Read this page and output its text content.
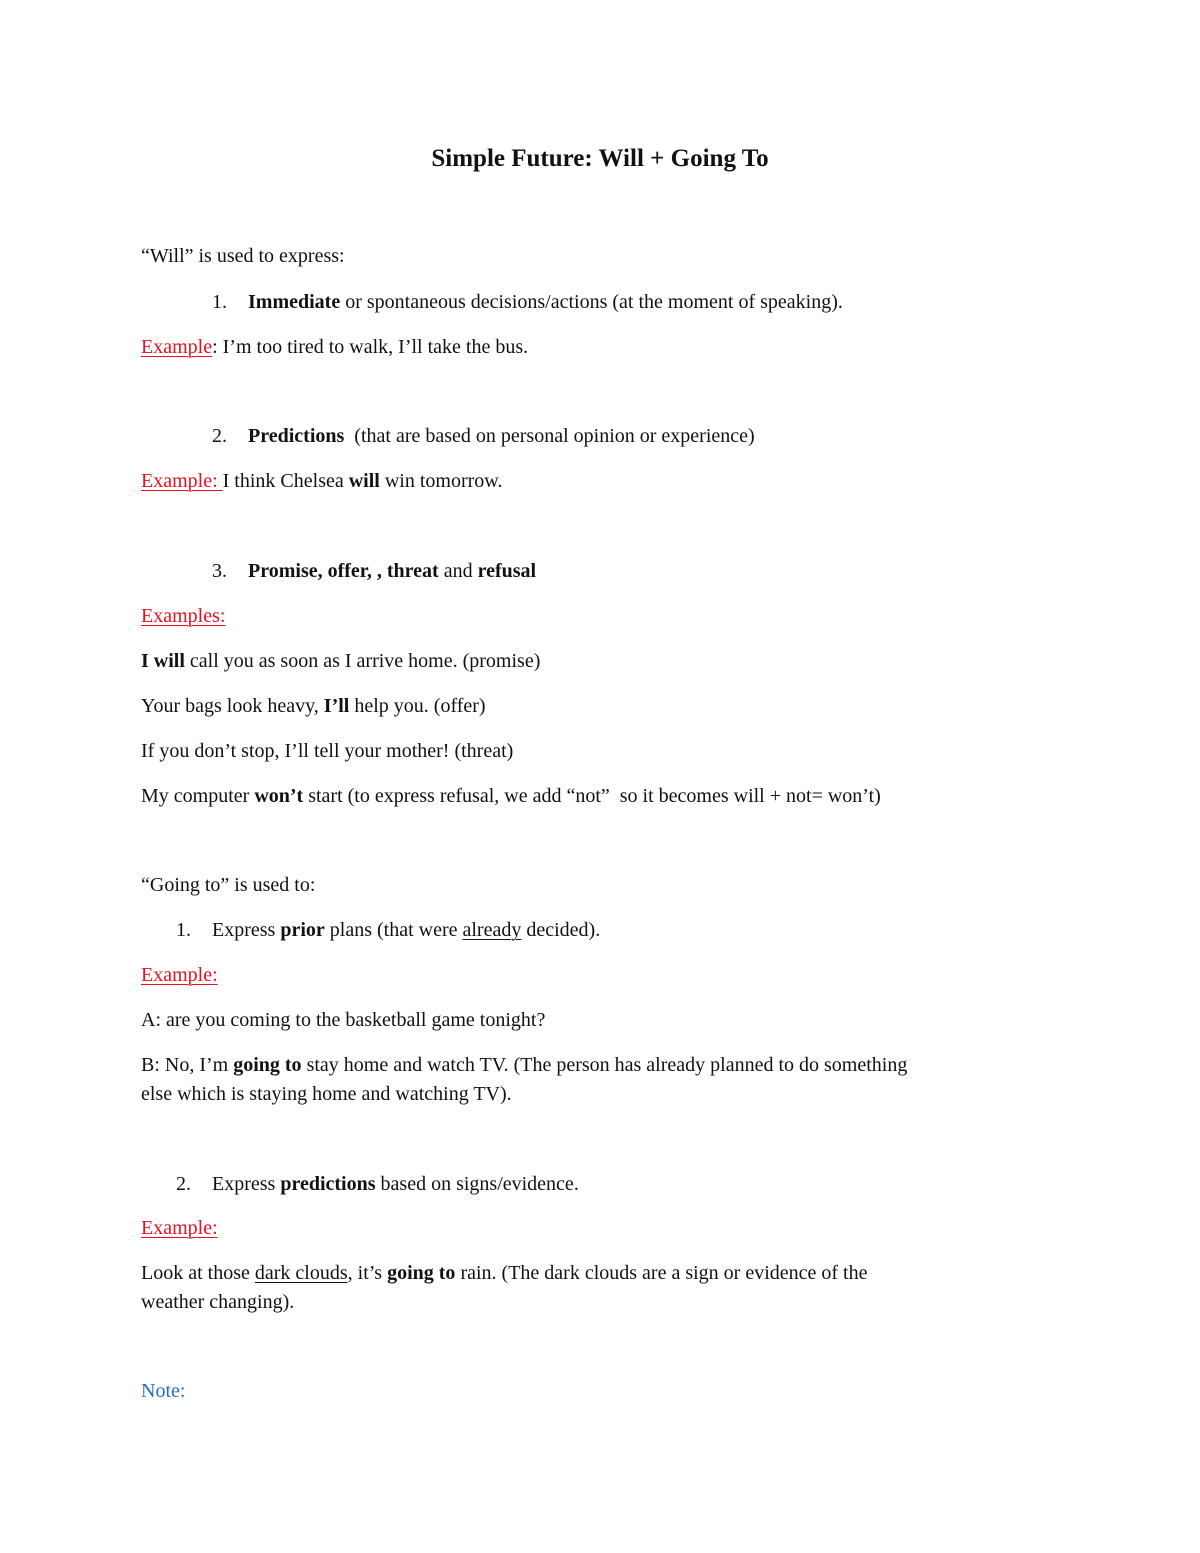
Simple Future: Will + Going To
“Will” is used to express:
1. Immediate or spontaneous decisions/actions (at the moment of speaking).
Example: I’m too tired to walk, I’ll take the bus.
2. Predictions  (that are based on personal opinion or experience)
Example: I think Chelsea will win tomorrow.
3. Promise, offer, , threat and refusal
Examples:
I will call you as soon as I arrive home. (promise)
Your bags look heavy, I’ll help you. (offer)
If you don’t stop, I’ll tell your mother! (threat)
My computer won’t start (to express refusal, we add “not”  so it becomes will + not= won’t)
“Going to” is used to:
1. Express prior plans (that were already decided).
Example:
A: are you coming to the basketball game tonight?
B: No, I’m going to stay home and watch TV. (The person has already planned to do something
else which is staying home and watching TV).
2. Express predictions based on signs/evidence.
Example:
Look at those dark clouds, it’s going to rain. (The dark clouds are a sign or evidence of the
weather changing).
Note:
